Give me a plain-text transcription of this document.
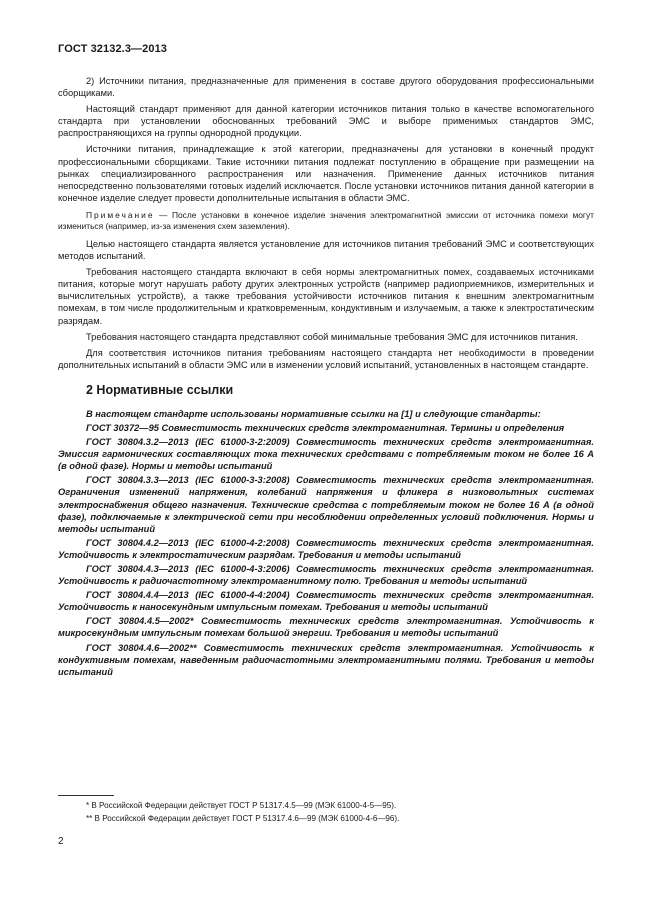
ГОСТ 32132.3—2013

2) Источники питания, предназначенные для применения в составе другого оборудования профессиональными сборщиками.

Настоящий стандарт применяют для данной категории источников питания только в качестве вспомогательного стандарта при установлении обоснованных требований ЭМС и выборе применимых стандартов ЭМС, распространяющихся на группы однородной продукции.

Источники питания, принадлежащие к этой категории, предназначены для установки в конечный продукт профессиональными сборщиками. Такие источники питания подлежат поступлению в обращение при размещении на рынках специализированного распространения или назначения. Применение данных источников питания непосредственно пользователями готовых изделий исключается. После установки источников питания данной категории в конечное изделие следует провести дополнительные испытания в области ЭМС.

Примечание — После установки в конечное изделие значения электромагнитной эмиссии от источника помехи могут измениться (например, из-за изменения схем заземления).

Целью настоящего стандарта является установление для источников питания требований ЭМС и соответствующих методов испытаний.

Требования настоящего стандарта включают в себя нормы электромагнитных помех, создаваемых источниками питания, которые могут нарушать работу других электронных устройств (например радиоприемников, измерительных и вычислительных устройств), а также требования устойчивости источников питания к внешним электромагнитным помехам, в том числе продолжительным и кратковременным, кондуктивным и излучаемым, а также к электростатическим разрядам.

Требования настоящего стандарта представляют собой минимальные требования ЭМС для источников питания.

Для соответствия источников питания требованиям настоящего стандарта нет необходимости в проведении дополнительных испытаний в области ЭМС или в изменении условий испытаний, установленных в настоящем стандарте.

2 Нормативные ссылки

В настоящем стандарте использованы нормативные ссылки на [1] и следующие стандарты:

ГОСТ 30372—95 Совместимость технических средств электромагнитная. Термины и определения

ГОСТ 30804.3.2—2013 (IEC 61000-3-2:2009) Совместимость технических средств электромагнитная. Эмиссия гармонических составляющих тока технических средствами с потребляемым током не более 16 А (в одной фазе). Нормы и методы испытаний

ГОСТ 30804.3.3—2013 (IEC 61000-3-3:2008) Совместимость технических средств электромагнитная. Ограничения изменений напряжения, колебаний напряжения и фликера в низковольтных системах электроснабжения общего назначения. Технические средства с потребляемым током не более 16 А (в одной фазе), подключаемые к электрической сети при несоблюдении определенных условий подключения. Нормы и методы испытаний

ГОСТ 30804.4.2—2013 (IEC 61000-4-2:2008) Совместимость технических средств электромагнитная. Устойчивость к электростатическим разрядам. Требования и методы испытаний

ГОСТ 30804.4.3—2013 (IEC 61000-4-3:2006) Совместимость технических средств электромагнитная. Устойчивость к радиочастотному электромагнитному полю. Требования и методы испытаний

ГОСТ 30804.4.4—2013 (IEC 61000-4-4:2004) Совместимость технических средств электромагнитная. Устойчивость к наносекундным импульсным помехам. Требования и методы испытаний

ГОСТ 30804.4.5—2002* Совместимость технических средств электромагнитная. Устойчивость к микросекундным импульсным помехам большой энергии. Требования и методы испытаний

ГОСТ 30804.4.6—2002** Совместимость технических средств электромагнитная. Устойчивость к кондуктивным помехам, наведенным радиочастотными электромагнитными полями. Требования и методы испытаний

* В Российской Федерации действует ГОСТ Р 51317.4.5—99 (МЭК 61000-4-5—95).

** В Российской Федерации действует ГОСТ Р 51317.4.6—99 (МЭК 61000-4-6—96).

2
